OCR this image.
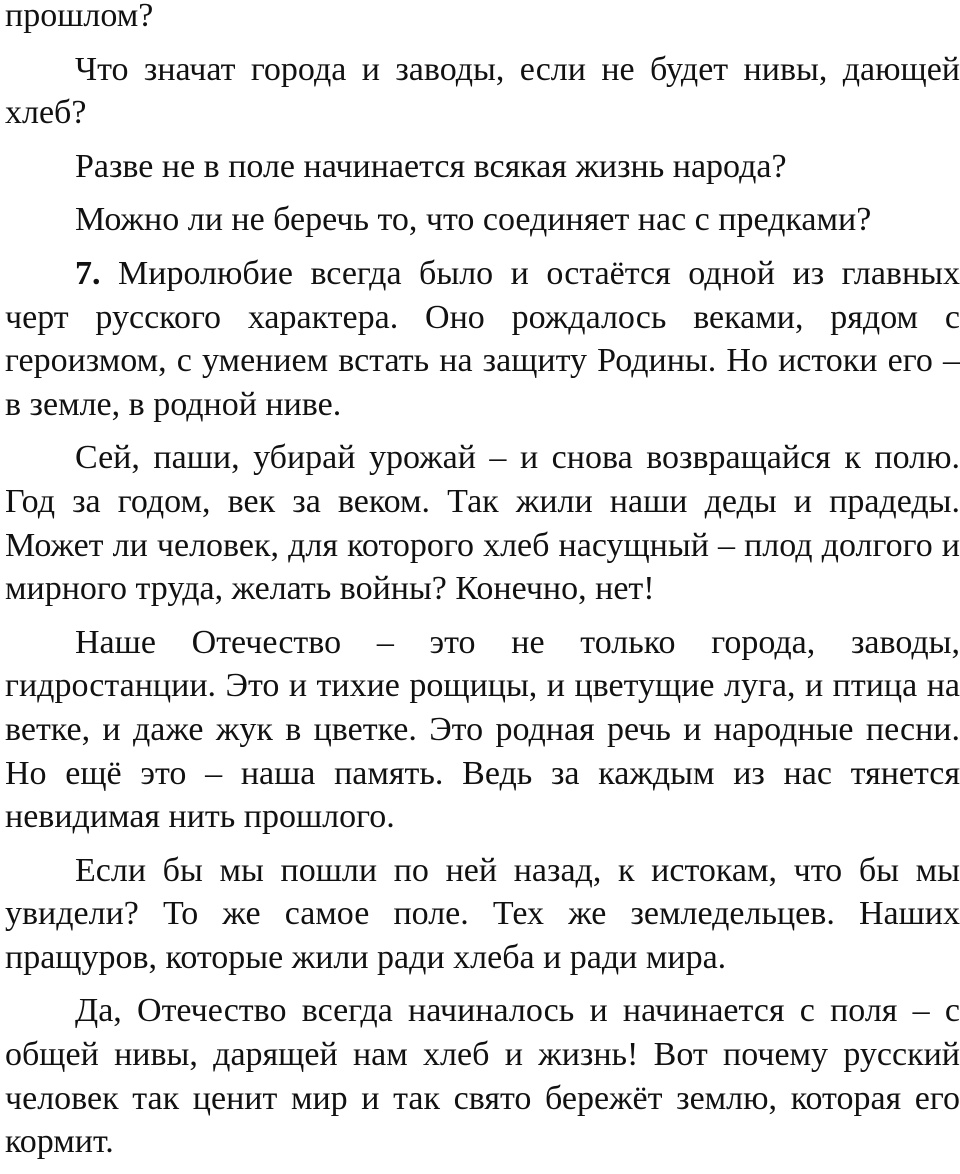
прошлом?

Что значат города и заводы, если не будет нивы, дающей хлеб?

Разве не в поле начинается всякая жизнь народа?

Можно ли не беречь то, что соединяет нас с предками?

7. Миролюбие всегда было и остаётся одной из главных черт русского характера. Оно рождалось веками, рядом с героизмом, с умением встать на защиту Родины. Но истоки его – в земле, в родной ниве.

Сей, паши, убирай урожай – и снова возвращайся к полю. Год за годом, век за веком. Так жили наши деды и прадеды. Может ли человек, для которого хлеб насущный – плод долгого и мирного труда, желать войны? Конечно, нет!

Наше Отечество – это не только города, заводы, гидростанции. Это и тихие рощицы, и цветущие луга, и птица на ветке, и даже жук в цветке. Это родная речь и народные песни. Но ещё это – наша память. Ведь за каждым из нас тянется невидимая нить прошлого.

Если бы мы пошли по ней назад, к истокам, что бы мы увидели? То же самое поле. Тех же земледельцев. Наших пращуров, которые жили ради хлеба и ради мира.

Да, Отечество всегда начиналось и начинается с поля – с общей нивы, дарящей нам хлеб и жизнь! Вот почему русский человек так ценит мир и так свято бережёт землю, которая его кормит.
